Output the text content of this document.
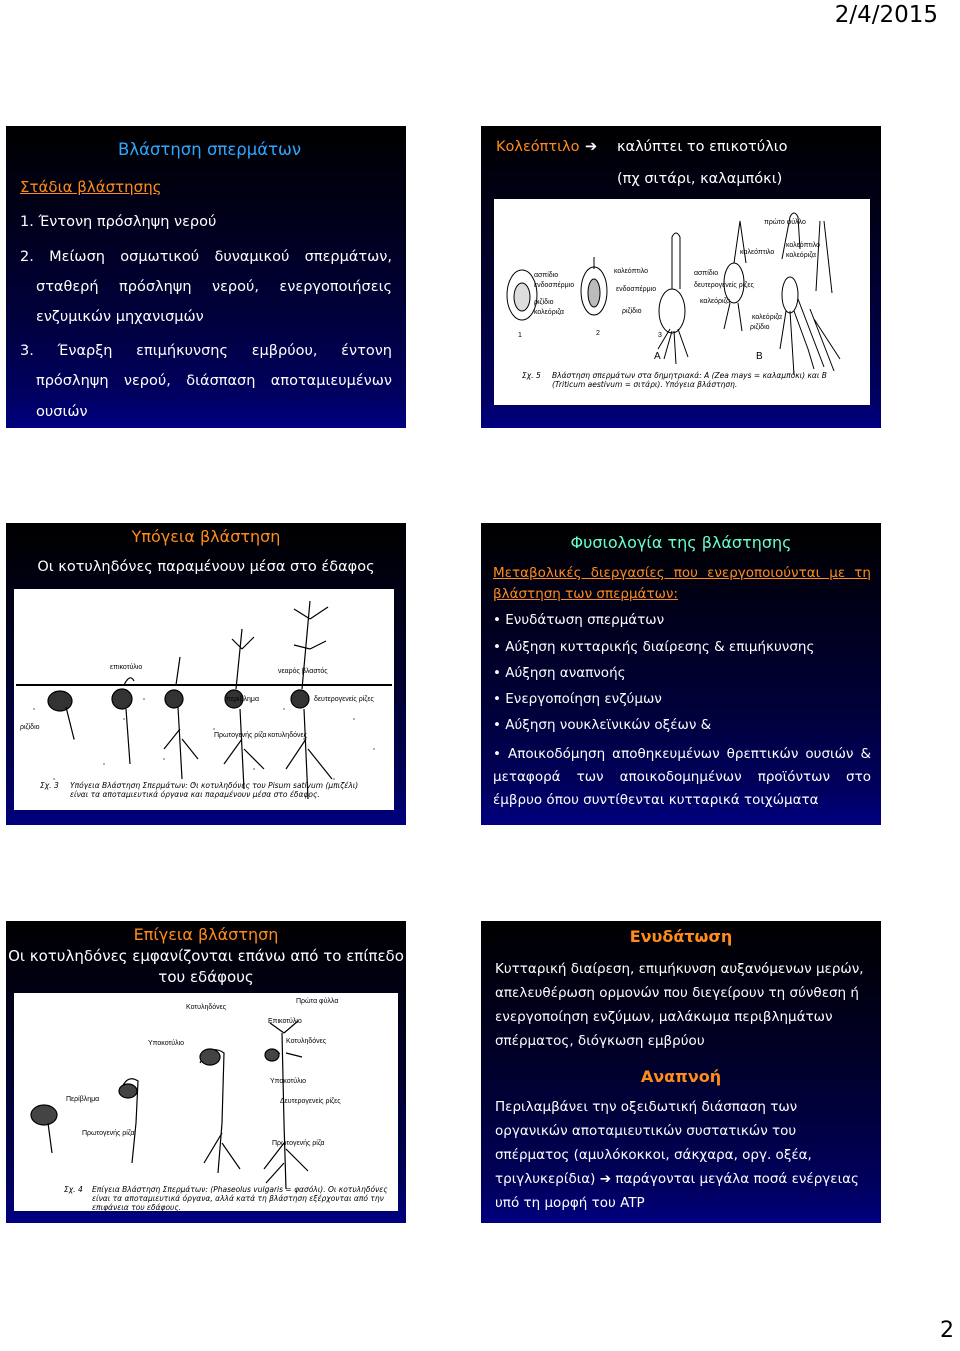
2/4/2015
Βλάστηση σπερμάτων
Στάδια βλάστησης
1. Έντονη πρόσληψη νερού
2. Μείωση οσμωτικού δυναμικού σπερμάτων,
σταθερή πρόσληψη νερού, ενεργοποιήσεις
ενζυμικών μηχανισμών
3. Έναρξη επιμήκυνσης εμβρύου, έντονη
πρόσληψη νερού, διάσπαση αποταμιευμένων
ουσιών
Κολεόπτιλο ➔ καλύπτει το επικοτύλιο
(πχ σιτάρι, καλαμπόκι)
ασπίδιο
ενδοσπέρμιο
ριζίδιο
κολεόριζα
κολεόπτιλο	ασπίδιο
δευτερογενείς ρίζες
καλεόριζα
ενδοσπέρμιο
ριζίδιο
καλεόπτιλο
πρώτο φύλλο
κολεόπτιλο
κολεόριζα
κολεόριζα
ριζίδιο
1	2	3
Α	Β
Σχ. 5 Βλάστηση σπερμάτων στα δημητριακά: Α (Zea mays = καλαμπόκι) και Β (Triticum aestivum = σιτάρι). Υπόγεια βλάστηση.
Υπόγεια βλάστηση
Οι κοτυληδόνες παραμένουν μέσα στο έδαφος
επικοτύλιο
περίβλημα
νεαρός βλαστός
δευτερογενείς ρίζες
ριζίδιο
Πρωτογενής ρίζα κοτυληδόνες
Σχ. 3 Υπόγεια Βλάστηση Σπερμάτων: Οι κοτυληδόνες του Pisum sativum (μπιζέλι) είναι τα αποταμιευτικά όργανα και παραμένουν μέσα στο έδαφος.
Φυσιολογία της βλάστησης
Μεταβολικές διεργασίες που ενεργοποιούνται με τη βλάστηση των σπερμάτων:
• Ενυδάτωση σπερμάτων
• Αύξηση κυτταρικής διαίρεσης & επιμήκυνσης
• Αύξηση αναπνοής
• Ενεργοποίηση ενζύμων
• Αύξηση νουκλεϊνικών οξέων &
• Αποικοδόμηση αποθηκευμένων θρεπτικών ουσιών & μεταφορά των αποικοδομημένων προϊόντων στο έμβρυο όπου συντίθενται κυτταρικά τοιχώματα
Επίγεια βλάστηση
Οι κοτυληδόνες εμφανίζονται επάνω από το επίπεδο του εδάφους
Κοτυληδόνες
Πρώτα φύλλα
Επικοτύλιο
Κοτυληδόνες
Υποκοτύλιο
Υποκοτύλιο
Περίβλημα	Δευτερογενείς ρίζες
Πρωτογενής ρίζα
Πρωτογενής ρίζα
Σχ. 4 Επίγεια Βλάστηση Σπερμάτων: (Phaseolus vulgaris = φασόλι). Οι κοτυληδόνες είναι τα αποταμιευτικά όργανα, αλλά κατά τη βλάστηση εξέρχονται από την επιφάνεια του εδάφους.
Ενυδάτωση
Κυτταρική διαίρεση, επιμήκυνση αυξανόμενων μερών, απελευθέρωση ορμονών που διεγείρουν τη σύνθεση ή ενεργοποίηση ενζύμων, μαλάκωμα περιβλημάτων σπέρματος, διόγκωση εμβρύου
Αναπνοή
Περιλαμβάνει την οξειδωτική διάσπαση των οργανικών αποταμιευτικών συστατικών του σπέρματος (αμυλόκοκκοι, σάκχαρα, οργ. οξέα, τριγλυκερίδια) ➔ παράγονται μεγάλα ποσά ενέργειας υπό τη μορφή του ATP
2
